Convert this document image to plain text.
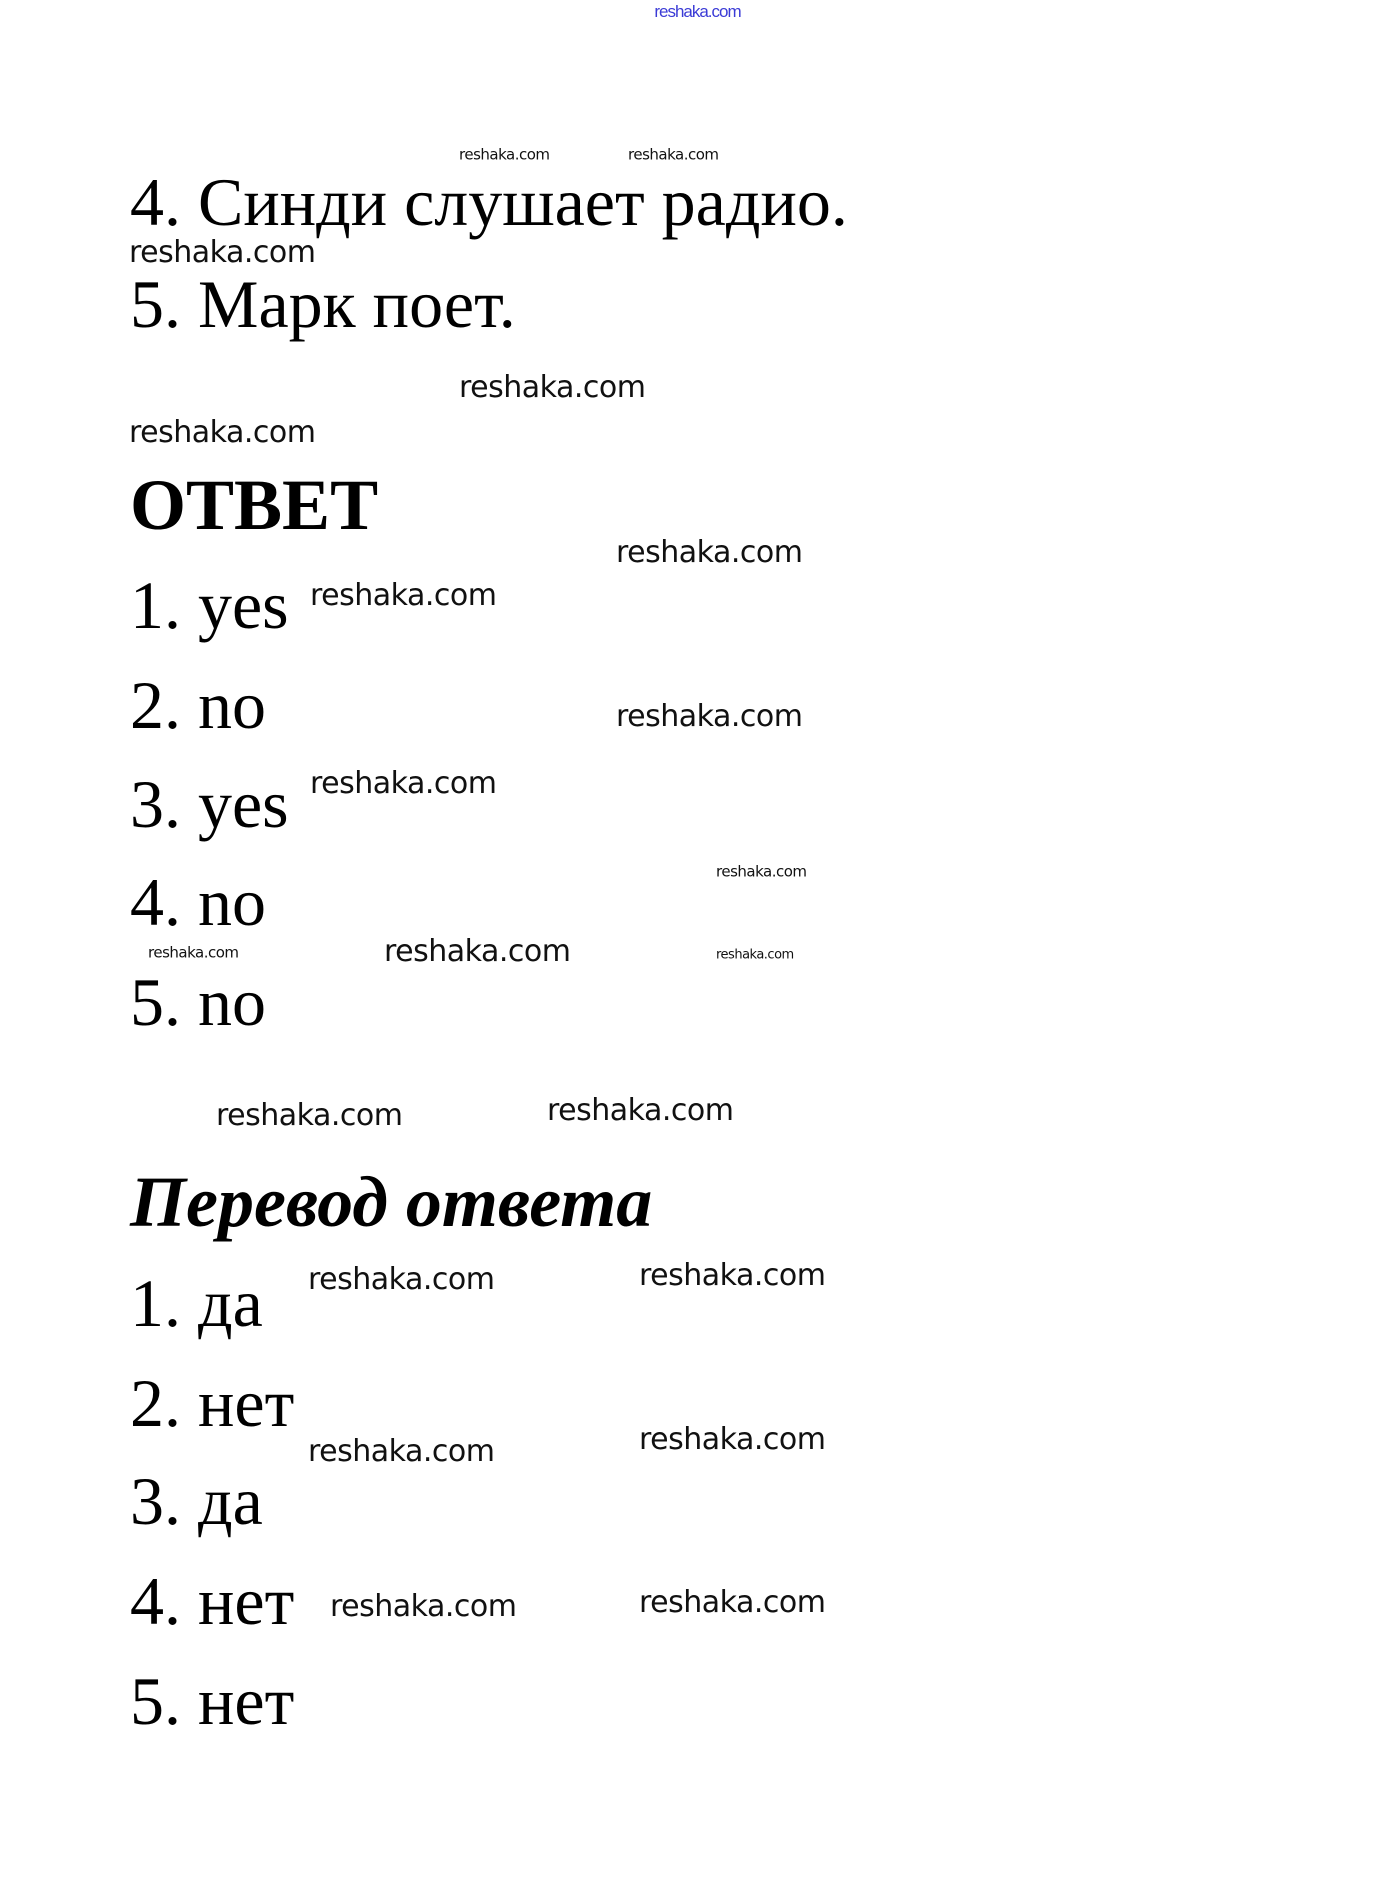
reshaka.com
4. Синди слушает радио.
5. Марк поет.
ОТВЕТ
1. yes
2. no
3. yes
4. no
5. no
Перевод ответа
1. да
2. нет
3. да
4. нет
5. нет
reshaka.com	reshaka.com
reshaka.com
reshaka.com
reshaka.com
reshaka.com
reshaka.com
reshaka.com
reshaka.com
reshaka.com
reshaka.com
reshaka.com	reshaka.com
reshaka.com	reshaka.com
reshaka.com	reshaka.com
reshaka.com	reshaka.com
reshaka.com	reshaka.com
